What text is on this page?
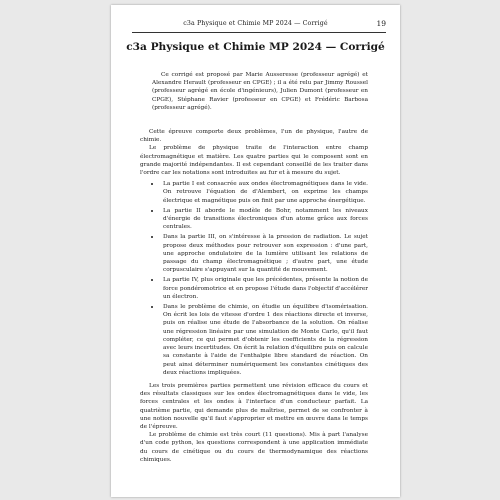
c3a Physique et Chimie MP 2024 — Corrigé	19
c3a Physique et Chimie MP 2024 — Corrigé

Ce corrigé est proposé par Marie Ausseresse (professeur agrégé) et Alexandre Herault (professeur en CPGE) ; il a été relu par Jimmy Roussel (professeur agrégé en école d'ingénieurs), Julien Dumont (professeur en CPGE), Stéphane Ravier (professeur en CPGE) et Frédéric Barbosa (professeur agrégé).

Cette épreuve comporte deux problèmes, l'un de physique, l'autre de chimie.

Le problème de physique traite de l'interaction entre champ électromagnétique et matière. Les quatre parties qui le composent sont en grande majorité indépendantes. Il est cependant conseillé de les traiter dans l'ordre car les notations sont introduites au fur et à mesure du sujet.

• La partie I est consacrée aux ondes électromagnétiques dans le vide. On retrouve l'équation de d'Alembert, on exprime les champs électrique et magnétique puis on finit par une approche énergétique.
• La partie II aborde le modèle de Bohr, notamment les niveaux d'énergie de transitions électroniques d'un atome grâce aux forces centrales.
• Dans la partie III, on s'intéresse à la pression de radiation. Le sujet propose deux méthodes pour retrouver son expression : d'une part, une approche ondulatoire de la lumière utilisant les relations de passage du champ électromagnétique ; d'autre part, une étude corpusculaire s'appuyant sur la quantité de mouvement.
• La partie IV, plus originale que les précédentes, présente la notion de force pondéromotrice et en propose l'étude dans l'objectif d'accélérer un électron.
• Dans le problème de chimie, on étudie un équilibre d'isomérisation. On écrit les lois de vitesse d'ordre 1 des réactions directe et inverse, puis on réalise une étude de l'absorbance de la solution. On réalise une régression linéaire par une simulation de Monte Carlo, qu'il faut compléter, ce qui permet d'obtenir les coefficients de la régression avec leurs incertitudes. On écrit la relation d'équilibre puis on calcule sa constante à l'aide de l'enthalpie libre standard de réaction. On peut ainsi déterminer numériquement les constantes cinétiques des deux réactions impliquées.

Les trois premières parties permettent une révision efficace du cours et des résultats classiques sur les ondes électromagnétiques dans le vide, les forces centrales et les ondes à l'interface d'un conducteur parfait. La quatrième partie, qui demande plus de maîtrise, permet de se confronter à une notion nouvelle qu'il faut s'approprier et mettre en œuvre dans le temps de l'épreuve.

Le problème de chimie est très court (11 questions). Mis à part l'analyse d'un code python, les questions correspondent à une application immédiate du cours de cinétique ou du cours de thermodynamique des réactions chimiques.
